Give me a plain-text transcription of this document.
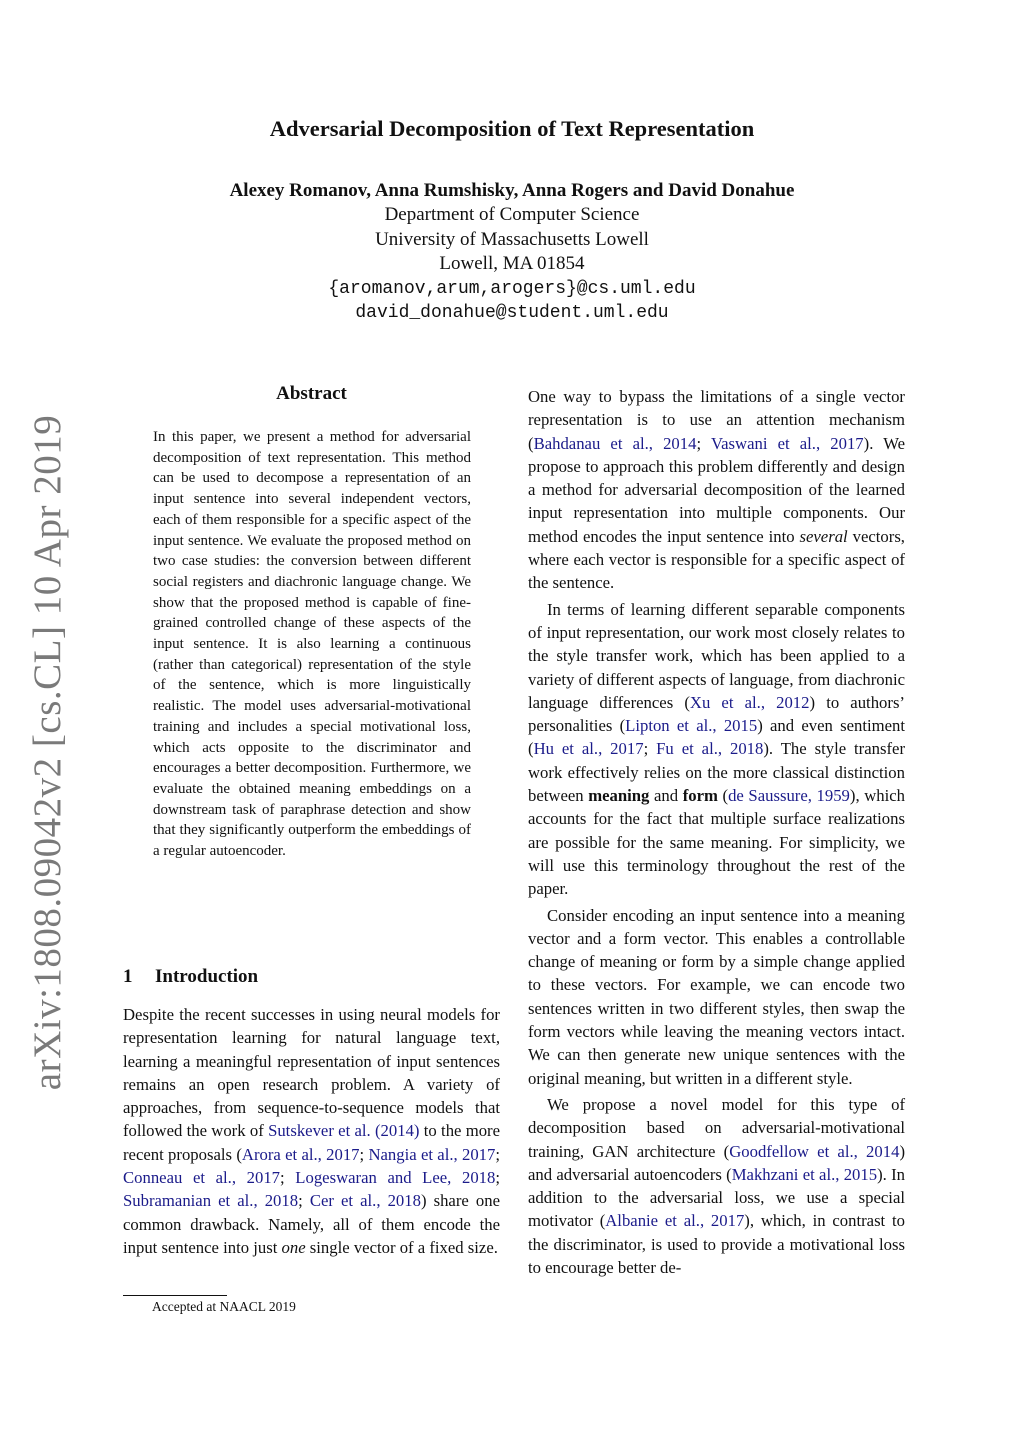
arXiv:1808.09042v2 [cs.CL] 10 Apr 2019
Adversarial Decomposition of Text Representation
Alexey Romanov, Anna Rumshisky, Anna Rogers and David Donahue
Department of Computer Science
University of Massachusetts Lowell
Lowell, MA 01854
{aromanov,arum,arogers}@cs.uml.edu
david_donahue@student.uml.edu
Abstract
In this paper, we present a method for adversarial decomposition of text representation. This method can be used to decompose a representation of an input sentence into several independent vectors, each of them responsible for a specific aspect of the input sentence. We evaluate the proposed method on two case studies: the conversion between different social registers and diachronic language change. We show that the proposed method is capable of fine-grained controlled change of these aspects of the input sentence. It is also learning a continuous (rather than categorical) representation of the style of the sentence, which is more linguistically realistic. The model uses adversarial-motivational training and includes a special motivational loss, which acts opposite to the discriminator and encourages a better decomposition. Furthermore, we evaluate the obtained meaning embeddings on a downstream task of paraphrase detection and show that they significantly outperform the embeddings of a regular autoencoder.
1 Introduction
Despite the recent successes in using neural models for representation learning for natural language text, learning a meaningful representation of input sentences remains an open research problem. A variety of approaches, from sequence-to-sequence models that followed the work of Sutskever et al. (2014) to the more recent proposals (Arora et al., 2017; Nangia et al., 2017; Conneau et al., 2017; Logeswaran and Lee, 2018; Subramanian et al., 2018; Cer et al., 2018) share one common drawback. Namely, all of them encode the input sentence into just one single vector of a fixed size.
Accepted at NAACL 2019

One way to bypass the limitations of a single vector representation is to use an attention mechanism (Bahdanau et al., 2014; Vaswani et al., 2017). We propose to approach this problem differently and design a method for adversarial decomposition of the learned input representation into multiple components. Our method encodes the input sentence into several vectors, where each vector is responsible for a specific aspect of the sentence.

In terms of learning different separable components of input representation, our work most closely relates to the style transfer work, which has been applied to a variety of different aspects of language, from diachronic language differences (Xu et al., 2012) to authors’ personalities (Lipton et al., 2015) and even sentiment (Hu et al., 2017; Fu et al., 2018). The style transfer work effectively relies on the more classical distinction between meaning and form (de Saussure, 1959), which accounts for the fact that multiple surface realizations are possible for the same meaning. For simplicity, we will use this terminology throughout the rest of the paper.

Consider encoding an input sentence into a meaning vector and a form vector. This enables a controllable change of meaning or form by a simple change applied to these vectors. For example, we can encode two sentences written in two different styles, then swap the form vectors while leaving the meaning vectors intact. We can then generate new unique sentences with the original meaning, but written in a different style.

We propose a novel model for this type of decomposition based on adversarial-motivational training, GAN architecture (Goodfellow et al., 2014) and adversarial autoencoders (Makhzani et al., 2015). In addition to the adversarial loss, we use a special motivator (Albanie et al., 2017), which, in contrast to the discriminator, is used to provide a motivational loss to encourage better de-
